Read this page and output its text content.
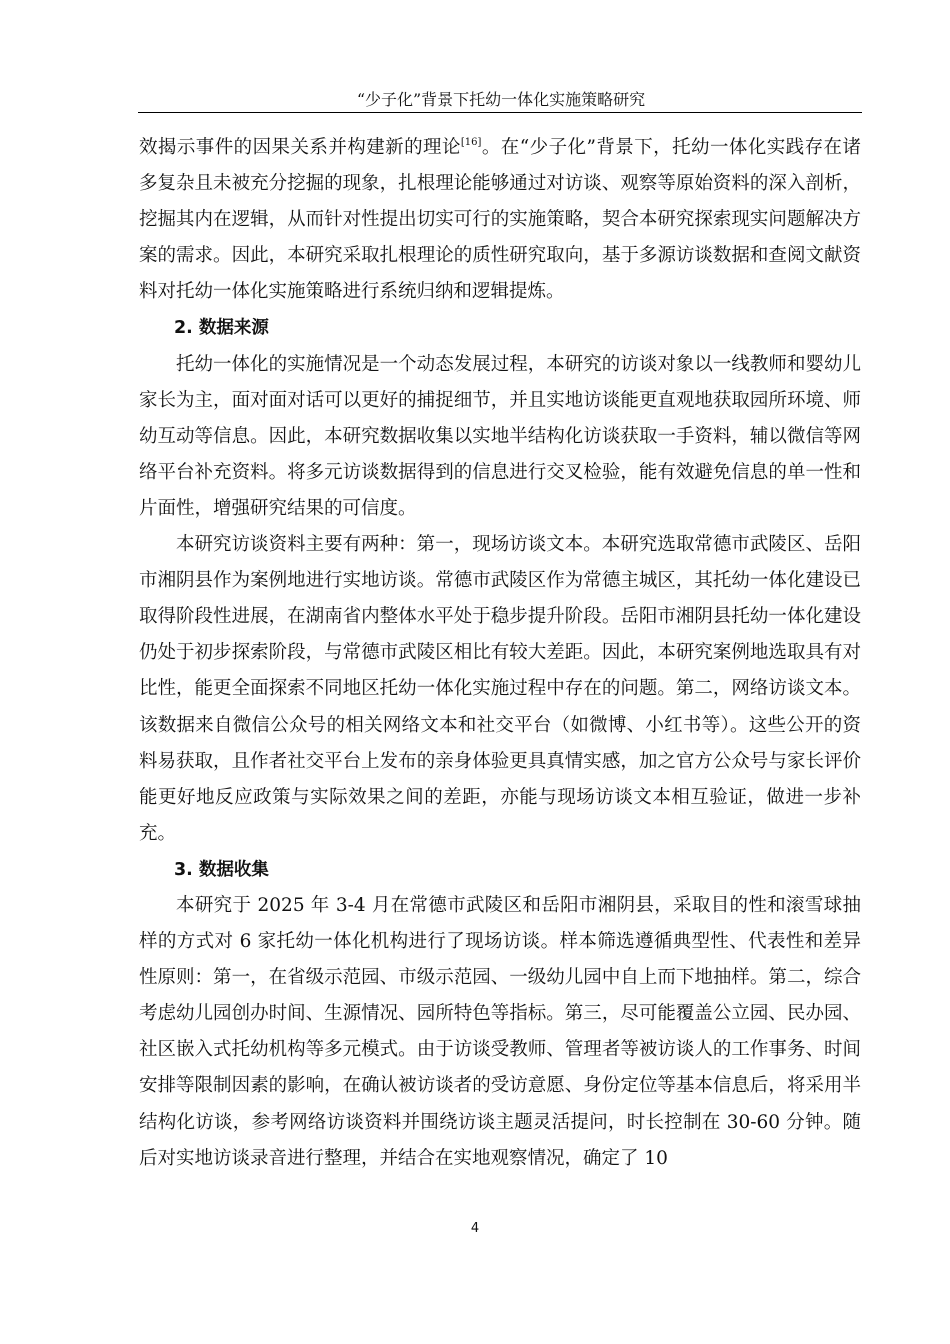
“少子化”背景下托幼一体化实施策略研究

效揭示事件的因果关系并构建新的理论[16]。在“少子化”背景下，托幼一体化实践存在诸多复杂且未被充分挖掘的现象，扎根理论能够通过对访谈、观察等原始资料的深入剖析，挖掘其内在逻辑，从而针对性提出切实可行的实施策略，契合本研究探索现实问题解决方案的需求。因此，本研究采取扎根理论的质性研究取向，基于多源访谈数据和查阅文献资料对托幼一体化实施策略进行系统归纳和逻辑提炼。

2. 数据来源

托幼一体化的实施情况是一个动态发展过程，本研究的访谈对象以一线教师和婴幼儿家长为主，面对面对话可以更好的捕捉细节，并且实地访谈能更直观地获取园所环境、师幼互动等信息。因此，本研究数据收集以实地半结构化访谈获取一手资料，辅以微信等网络平台补充资料。将多元访谈数据得到的信息进行交叉检验，能有效避免信息的单一性和片面性，增强研究结果的可信度。

本研究访谈资料主要有两种：第一，现场访谈文本。本研究选取常德市武陵区、岳阳市湘阴县作为案例地进行实地访谈。常德市武陵区作为常德主城区，其托幼一体化建设已取得阶段性进展，在湖南省内整体水平处于稳步提升阶段。岳阳市湘阴县托幼一体化建设仍处于初步探索阶段，与常德市武陵区相比有较大差距。因此，本研究案例地选取具有对比性，能更全面探索不同地区托幼一体化实施过程中存在的问题。第二，网络访谈文本。该数据来自微信公众号的相关网络文本和社交平台（如微博、小红书等）。这些公开的资料易获取，且作者社交平台上发布的亲身体验更具真情实感，加之官方公众号与家长评价能更好地反应政策与实际效果之间的差距，亦能与现场访谈文本相互验证，做进一步补充。

3. 数据收集

本研究于 2025 年 3-4 月在常德市武陵区和岳阳市湘阴县，采取目的性和滚雪球抽样的方式对 6 家托幼一体化机构进行了现场访谈。样本筛选遵循典型性、代表性和差异性原则：第一，在省级示范园、市级示范园、一级幼儿园中自上而下地抽样。第二，综合考虑幼儿园创办时间、生源情况、园所特色等指标。第三，尽可能覆盖公立园、民办园、社区嵌入式托幼机构等多元模式。由于访谈受教师、管理者等被访谈人的工作事务、时间安排等限制因素的影响，在确认被访谈者的受访意愿、身份定位等基本信息后，将采用半结构化访谈，参考网络访谈资料并围绕访谈主题灵活提问，时长控制在 30-60 分钟。随后对实地访谈录音进行整理，并结合在实地观察情况，确定了 10

4
